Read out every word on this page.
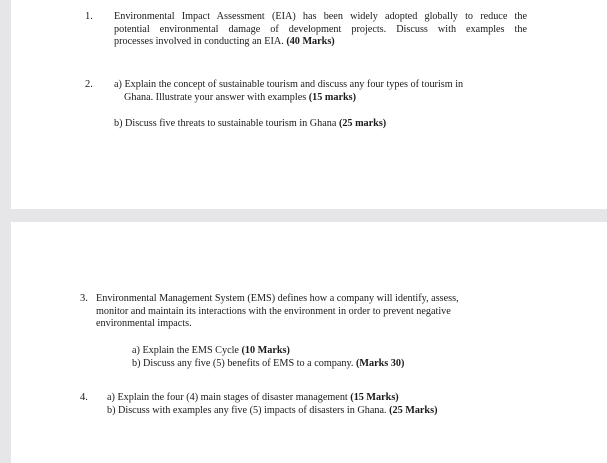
1. Environmental Impact Assessment (EIA) has been widely adopted globally to reduce the
potential environmental damage of development projects. Discuss with examples the
processes involved in conducting an EIA. (40 Marks)
2. a) Explain the concept of sustainable tourism and discuss any four types of tourism in
Ghana. Illustrate your answer with examples (15 marks)
b) Discuss five threats to sustainable tourism in Ghana (25 marks)
3. Environmental Management System (EMS) defines how a company will identify, assess,
monitor and maintain its interactions with the environment in order to prevent negative
environmental impacts.
a) Explain the EMS Cycle (10 Marks)
b) Discuss any five (5) benefits of EMS to a company. (Marks 30)
4. a) Explain the four (4) main stages of disaster management (15 Marks)
b) Discuss with examples any five (5) impacts of disasters in Ghana. (25 Marks)
